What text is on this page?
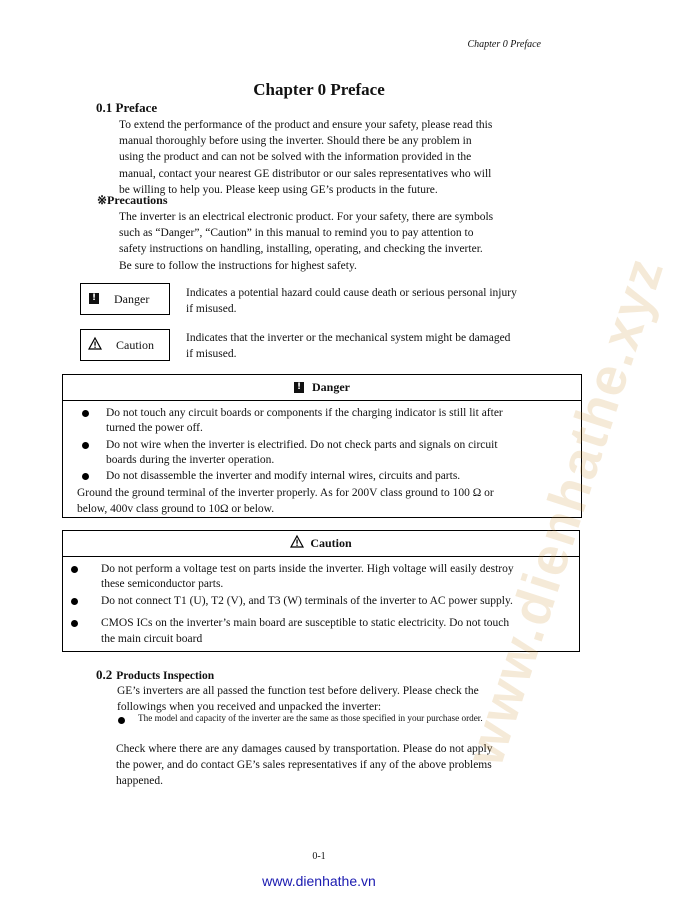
Chapter 0 Preface
Chapter 0 Preface
0.1 Preface
To extend the performance of the product and ensure your safety, please read this
manual thoroughly before using the inverter. Should there be any problem in
using the product and can not be solved with the information provided in the
manual, contact your nearest GE distributor or our sales representatives who will
be willing to help you. Please keep using GE’s products in the future.
※Precautions
The inverter is an electrical electronic product. For your safety, there are symbols
such as “Danger”, “Caution” in this manual to remind you to pay attention to
safety instructions on handling, installing, operating, and checking the inverter.
Be sure to follow the instructions for highest safety.
! Danger	Indicates a potential hazard could cause death or serious personal injury
if misused.
Caution	Indicates that the inverter or the mechanical system might be damaged
if misused.
! Danger
Do not touch any circuit boards or components if the charging indicator is still lit after
turned the power off.
Do not wire when the inverter is electrified. Do not check parts and signals on circuit
boards during the inverter operation.
Do not disassemble the inverter and modify internal wires, circuits and parts.
Ground the ground terminal of the inverter properly. As for 200V class ground to 100 Ω or
below, 400v class ground to 10Ω or below.
Caution
Do not perform a voltage test on parts inside the inverter. High voltage will easily destroy
these semiconductor parts.
Do not connect T1 (U), T2 (V), and T3 (W) terminals of the inverter to AC power supply.
CMOS ICs on the inverter’s main board are susceptible to static electricity. Do not touch
the main circuit board
0.2 Products Inspection
GE’s inverters are all passed the function test before delivery. Please check the
followings when you received and unpacked the inverter:
The model and capacity of the inverter are the same as those specified in your purchase order.
Check where there are any damages caused by transportation. Please do not apply
the power, and do contact GE’s sales representatives if any of the above problems
happened.
www.dienhathe.xyz
0-1
www.dienhathe.vn
